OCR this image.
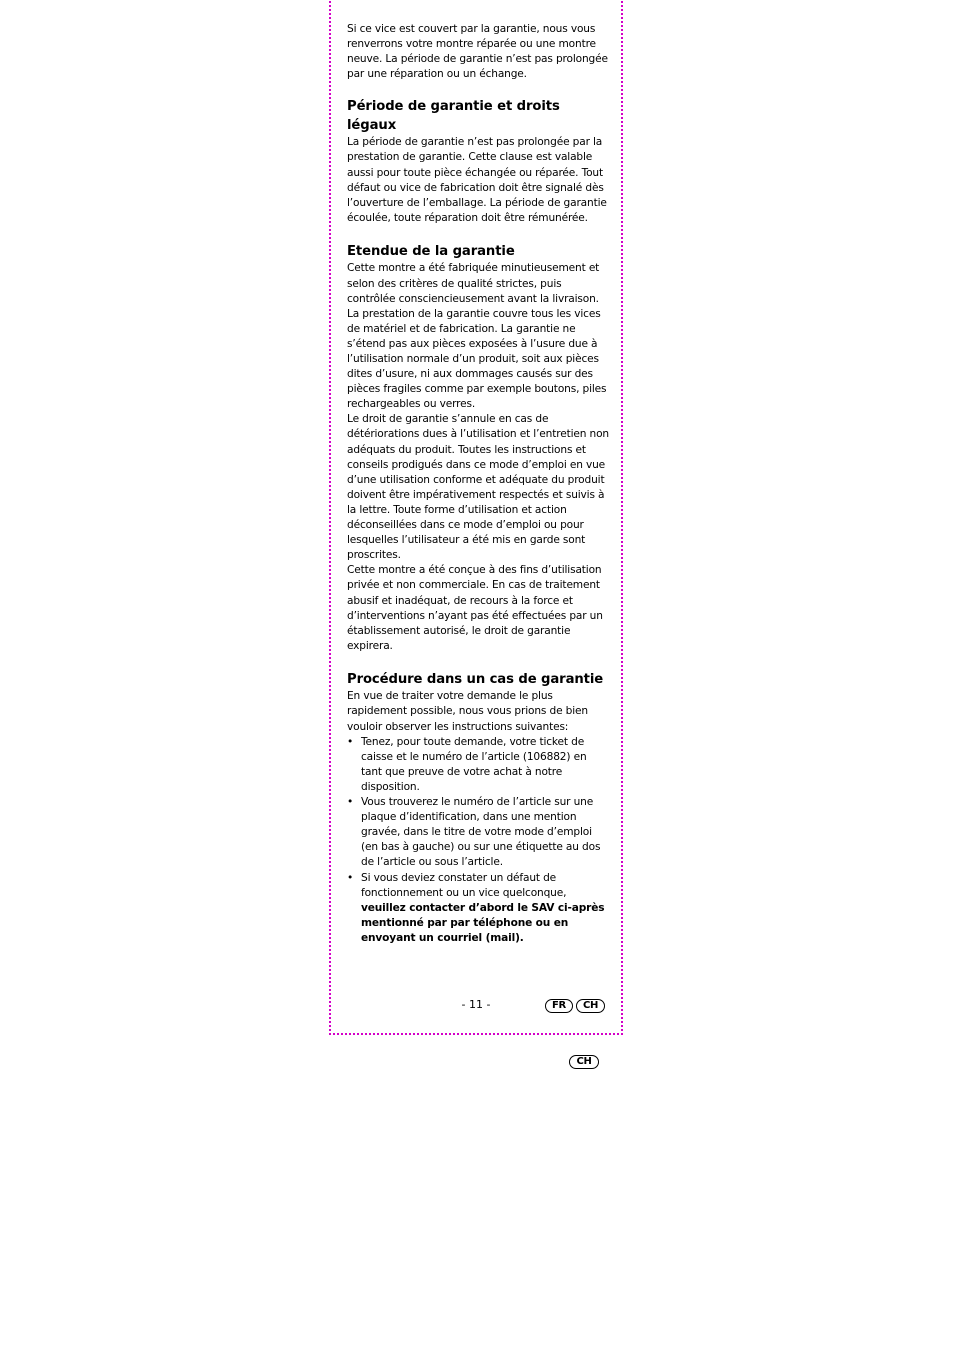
Si ce vice est couvert par la garantie, nous vous renverrons votre montre réparée ou une montre neuve. La période de garantie n’est pas prolongée par une réparation ou un échange.

Période de garantie et droits légaux

La période de garantie n’est pas prolongée par la prestation de garantie. Cette clause est valable aussi pour toute pièce échangée ou réparée. Tout défaut ou vice de fabrication doit être signalé dès l’ouverture de l’emballage. La période de garantie écoulée, toute réparation doit être rémunérée.

Etendue de la garantie

Cette montre a été fabriquée minutieusement et selon des critères de qualité strictes, puis contrôlée consciencieusement avant la livraison. La prestation de la garantie couvre tous les vices de matériel et de fabrication. La garantie ne s’étend pas aux pièces exposées à l’usure due à l’utilisation normale d’un produit, soit aux pièces dites d’usure, ni aux dommages causés sur des pièces fragiles comme par exemple boutons, piles rechargeables ou verres.

Le droit de garantie s’annule en cas de détériorations dues à l’utilisation et l’entretien non adéquats du produit. Toutes les instructions et conseils prodigués dans ce mode d’emploi en vue d’une utilisation conforme et adéquate du produit doivent être impérativement respectés et suivis à la lettre. Toute forme d’utilisation et action déconseillées dans ce mode d’emploi ou pour lesquelles l’utilisateur a été mis en garde sont proscrites.

Cette montre a été conçue à des fins d’utilisation privée et non commerciale. En cas de traitement abusif et inadéquat, de recours à la force et d’interventions n’ayant pas été effectuées par un établissement autorisé, le droit de garantie expirera.

Procédure dans un cas de garantie

En vue de traiter votre demande le plus rapidement possible, nous vous prions de bien vouloir observer les instructions suivantes:

• Tenez, pour toute demande, votre ticket de caisse et le numéro de l’article (106882) en tant que preuve de votre achat à notre disposition.
• Vous trouverez le numéro de l’article sur une plaque d’identification, dans une mention gravée, dans le titre de votre mode d’emploi (en bas à gauche) ou sur une étiquette au dos de l’article ou sous l’article.
• Si vous deviez constater un défaut de fonctionnement ou un vice quelconque, veuillez contacter d’abord le SAV ci-après mentionné par par téléphone ou en envoyant un courriel (mail).
- 11 -	FR	CH
CH
